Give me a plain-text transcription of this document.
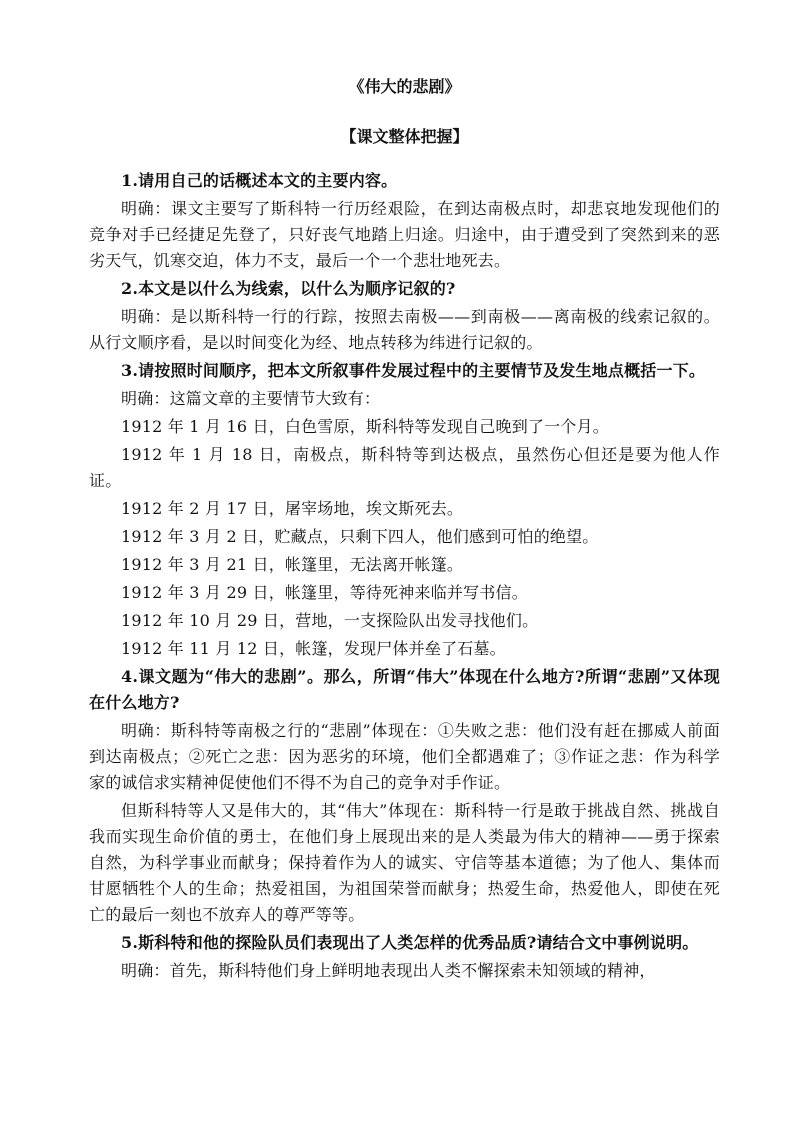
《伟大的悲剧》
【课文整体把握】
1.请用自己的话概述本文的主要内容。
明确：课文主要写了斯科特一行历经艰险，在到达南极点时，却悲哀地发现他们的竞争对手已经捷足先登了，只好丧气地踏上归途。归途中，由于遭受到了突然到来的恶劣天气，饥寒交迫，体力不支，最后一个一个悲壮地死去。
2.本文是以什么为线索，以什么为顺序记叙的?
明确：是以斯科特一行的行踪，按照去南极——到南极——离南极的线索记叙的。从行文顺序看，是以时间变化为经、地点转移为纬进行记叙的。
3.请按照时间顺序，把本文所叙事件发展过程中的主要情节及发生地点概括一下。
明确：这篇文章的主要情节大致有：
1912 年 1 月 16 日，白色雪原，斯科特等发现自己晚到了一个月。
1912 年 1 月 18 日，南极点，斯科特等到达极点，虽然伤心但还是要为他人作证。
1912 年 2 月 17 日，屠宰场地，埃文斯死去。
1912 年 3 月 2 日，贮藏点，只剩下四人，他们感到可怕的绝望。
1912 年 3 月 21 日，帐篷里，无法离开帐篷。
1912 年 3 月 29 日，帐篷里，等待死神来临并写书信。
1912 年 10 月 29 日，营地，一支探险队出发寻找他们。
1912 年 11 月 12 日，帐篷，发现尸体并垒了石墓。
4.课文题为“伟大的悲剧”。那么，所谓“伟大”体现在什么地方?所谓“悲剧”又体现在什么地方?
明确：斯科特等南极之行的“悲剧”体现在：①失败之悲：他们没有赶在挪威人前面到达南极点；②死亡之悲：因为恶劣的环境，他们全都遇难了；③作证之悲：作为科学家的诚信求实精神促使他们不得不为自己的竞争对手作证。
但斯科特等人又是伟大的，其“伟大”体现在：斯科特一行是敢于挑战自然、挑战自我而实现生命价值的勇士，在他们身上展现出来的是人类最为伟大的精神——勇于探索自然，为科学事业而献身；保持着作为人的诚实、守信等基本道德；为了他人、集体而甘愿牺牲个人的生命；热爱祖国，为祖国荣誉而献身；热爱生命，热爱他人，即使在死亡的最后一刻也不放弃人的尊严等等。
5.斯科特和他的探险队员们表现出了人类怎样的优秀品质?请结合文中事例说明。
明确：首先，斯科特他们身上鲜明地表现出人类不懈探索未知领域的精神，
